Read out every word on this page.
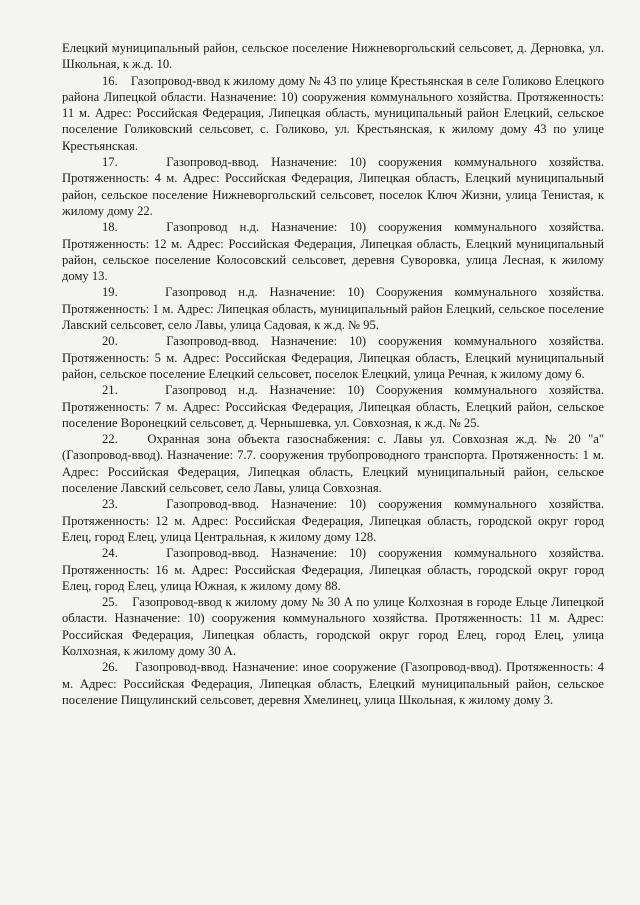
Елецкий муниципальный район, сельское поселение Нижневоргольский сельсовет, д. Дерновка, ул. Школьная, к ж.д. 10.

16. Газопровод-ввод к жилому дому № 43 по улице Крестьянская в селе Голиково Елецкого района Липецкой области. Назначение: 10) сооружения коммунального хозяйства. Протяженность: 11 м. Адрес: Российская Федерация, Липецкая область, муниципальный район Елецкий, сельское поселение Голиковский сельсовет, с. Голиково, ул. Крестьянская, к жилому дому 43 по улице Крестьянская.

17.	Газопровод-ввод. Назначение: 10) сооружения коммунального хозяйства. Протяженность: 4 м. Адрес: Российская Федерация, Липецкая область, Елецкий муниципальный район, сельское поселение Нижневоргольский сельсовет, поселок Ключ Жизни, улица Тенистая, к жилому дому 22.

18.	Газопровод н.д. Назначение: 10) сооружения коммунального хозяйства. Протяженность: 12 м. Адрес: Российская Федерация, Липецкая область, Елецкий муниципальный район, сельское поселение Колосовский сельсовет, деревня Суворовка, улица Лесная, к жилому дому 13.

19.	Газопровод н.д. Назначение: 10) Сооружения коммунального хозяйства. Протяженность: 1 м. Адрес: Липецкая область, муниципальный район Елецкий, сельское поселение Лавский сельсовет, село Лавы, улица Садовая, к ж.д. № 95.

20.	Газопровод-ввод. Назначение: 10) сооружения коммунального хозяйства. Протяженность: 5 м. Адрес: Российская Федерация, Липецкая область, Елецкий муниципальный район, сельское поселение Елецкий сельсовет, поселок Елецкий, улица Речная, к жилому дому 6.

21.	Газопровод н.д. Назначение: 10) Сооружения коммунального хозяйства. Протяженность: 7 м. Адрес: Российская Федерация, Липецкая область, Елецкий район, сельское поселение Воронецкий сельсовет, д. Чернышевка, ул. Совхозная, к ж.д. № 25.

22. Охранная зона объекта газоснабжения: с. Лавы ул. Совхозная ж.д. № 20 "а" (Газопровод-ввод). Назначение: 7.7. сооружения трубопроводного транспорта. Протяженность: 1 м. Адрес: Российская Федерация, Липецкая область, Елецкий муниципальный район, сельское поселение Лавский сельсовет, село Лавы, улица Совхозная.

23.	Газопровод-ввод. Назначение: 10) сооружения коммунального хозяйства. Протяженность: 12 м. Адрес: Российская Федерация, Липецкая область, городской округ город Елец, город Елец, улица Центральная, к жилому дому 128.

24.	Газопровод-ввод. Назначение: 10) сооружения коммунального хозяйства. Протяженность: 16 м. Адрес: Российская Федерация, Липецкая область, городской округ город Елец, город Елец, улица Южная, к жилому дому 88.

25. Газопровод-ввод к жилому дому № 30 А по улице Колхозная в городе Ельце Липецкой области. Назначение: 10) сооружения коммунального хозяйства. Протяженность: 11 м. Адрес: Российская Федерация, Липецкая область, городской округ город Елец, город Елец, улица Колхозная, к жилому дому 30 А.

26. Газопровод-ввод. Назначение: иное сооружение (Газопровод-ввод). Протяженность: 4 м. Адрес: Российская Федерация, Липецкая область, Елецкий муниципальный район, сельское поселение Пищулинский сельсовет, деревня Хмелинец, улица Школьная, к жилому дому 3.
